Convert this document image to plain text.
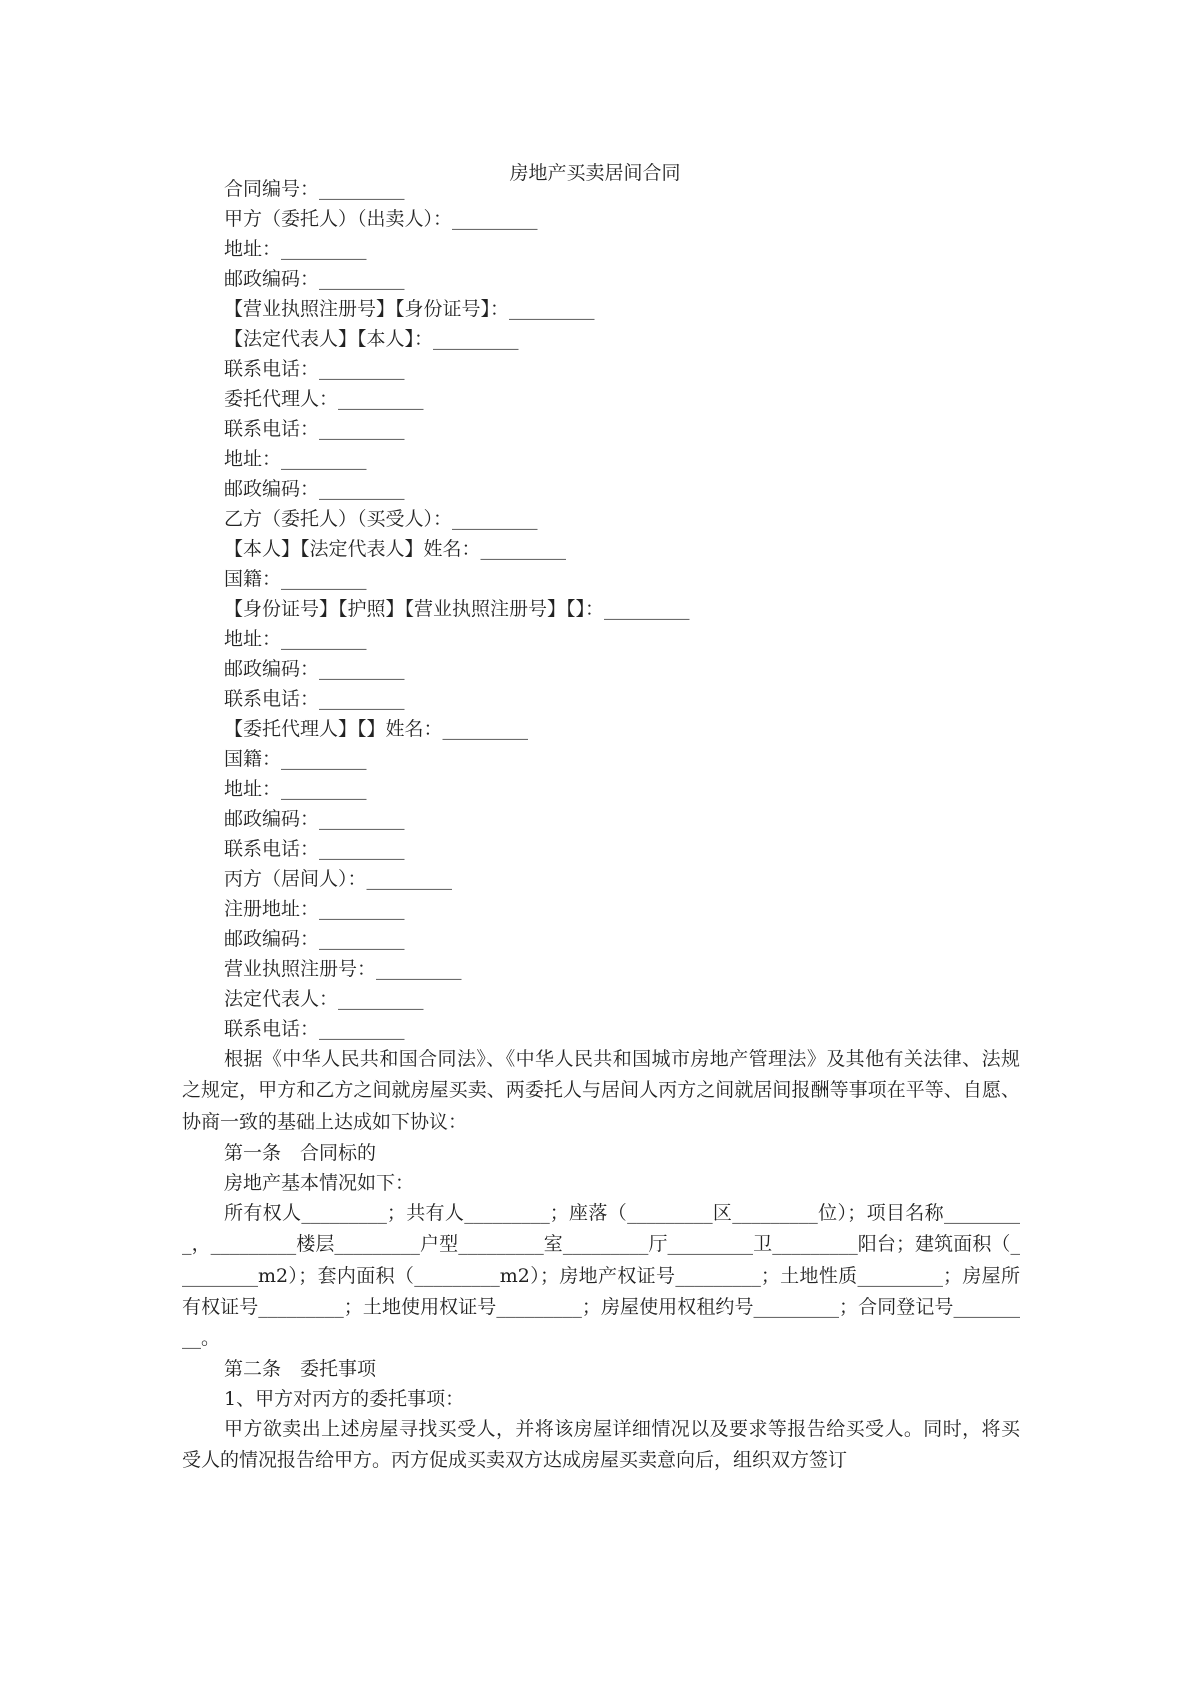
房地产买卖居间合同
合同编号：_________
甲方（委托人）（出卖人）：_________
地址：_________
邮政编码：_________
【营业执照注册号】【身份证号】：_________
【法定代表人】【本人】：_________
联系电话：_________
委托代理人：_________
联系电话：_________
地址：_________
邮政编码：_________
乙方（委托人）（买受人）：_________
【本人】【法定代表人】姓名：_________
国籍：_________
【身份证号】【护照】【营业执照注册号】【】：_________
地址：_________
邮政编码：_________
联系电话：_________
【委托代理人】【】姓名：_________
国籍：_________
地址：_________
邮政编码：_________
联系电话：_________
丙方（居间人）：_________
注册地址：_________
邮政编码：_________
营业执照注册号：_________
法定代表人：_________
联系电话：_________
根据《中华人民共和国合同法》、《中华人民共和国城市房地产管理法》及其他有关法律、法规之规定，甲方和乙方之间就房屋买卖、两委托人与居间人丙方之间就居间报酬等事项在平等、自愿、协商一致的基础上达成如下协议：
第一条　合同标的
房地产基本情况如下：
所有权人_________；共有人_________；座落（_________区_________位）；项目名称_________，_________楼层_________户型_________室_________厅_________卫_________阳台；建筑面积（_________m2）；套内面积（_________m2）；房地产权证号_________；土地性质_________；房屋所有权证号_________；土地使用权证号_________；房屋使用权租约号_________；合同登记号_________。
第二条　委托事项
1、甲方对丙方的委托事项：
甲方欲卖出上述房屋寻找买受人，并将该房屋详细情况以及要求等报告给买受人。同时，将买受人的情况报告给甲方。丙方促成买卖双方达成房屋买卖意向后，组织双方签订
